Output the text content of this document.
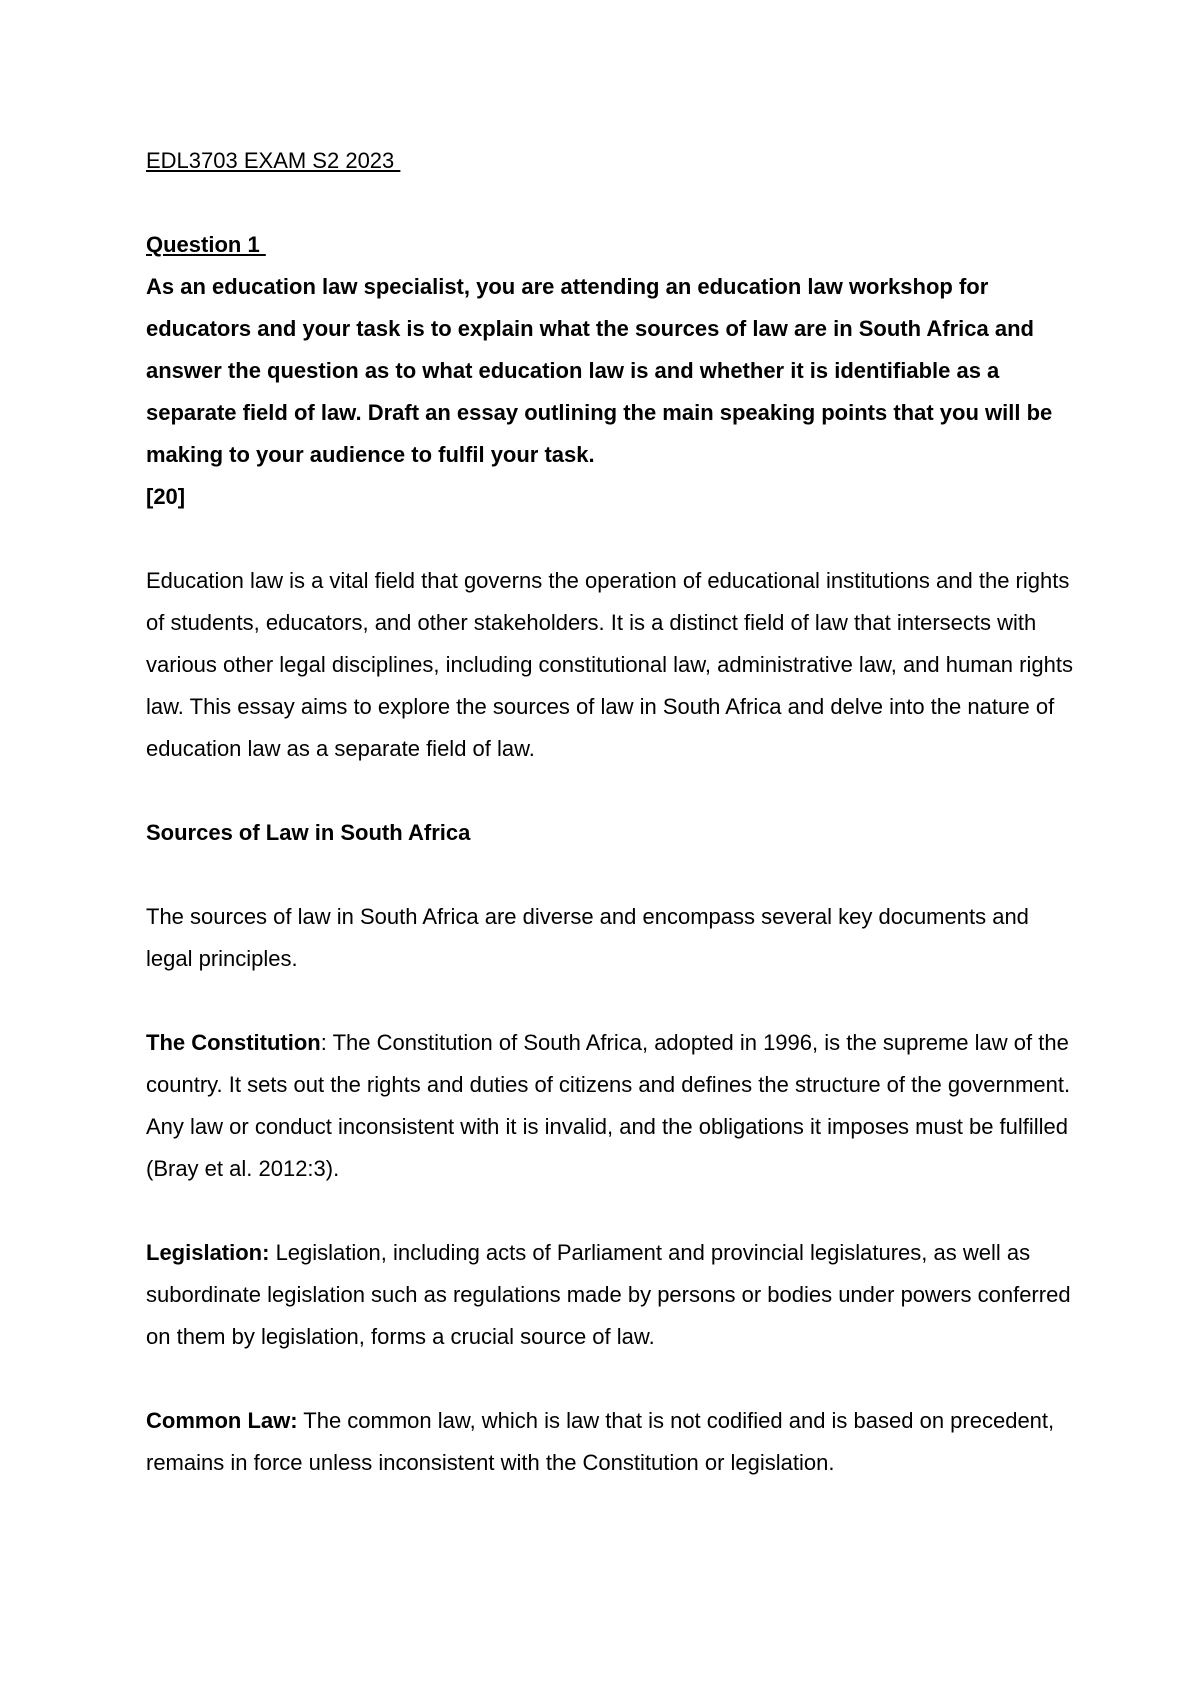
EDL3703 EXAM S2 2023
Question 1
As an education law specialist, you are attending an education law workshop for educators and your task is to explain what the sources of law are in South Africa and answer the question as to what education law is and whether it is identifiable as a separate field of law. Draft an essay outlining the main speaking points that you will be making to your audience to fulfil your task.
[20]

Education law is a vital field that governs the operation of educational institutions and the rights of students, educators, and other stakeholders. It is a distinct field of law that intersects with various other legal disciplines, including constitutional law, administrative law, and human rights law. This essay aims to explore the sources of law in South Africa and delve into the nature of education law as a separate field of law.

Sources of Law in South Africa

The sources of law in South Africa are diverse and encompass several key documents and legal principles.

The Constitution: The Constitution of South Africa, adopted in 1996, is the supreme law of the country. It sets out the rights and duties of citizens and defines the structure of the government. Any law or conduct inconsistent with it is invalid, and the obligations it imposes must be fulfilled (Bray et al. 2012:3).

Legislation: Legislation, including acts of Parliament and provincial legislatures, as well as subordinate legislation such as regulations made by persons or bodies under powers conferred on them by legislation, forms a crucial source of law.

Common Law: The common law, which is law that is not codified and is based on precedent, remains in force unless inconsistent with the Constitution or legislation.
